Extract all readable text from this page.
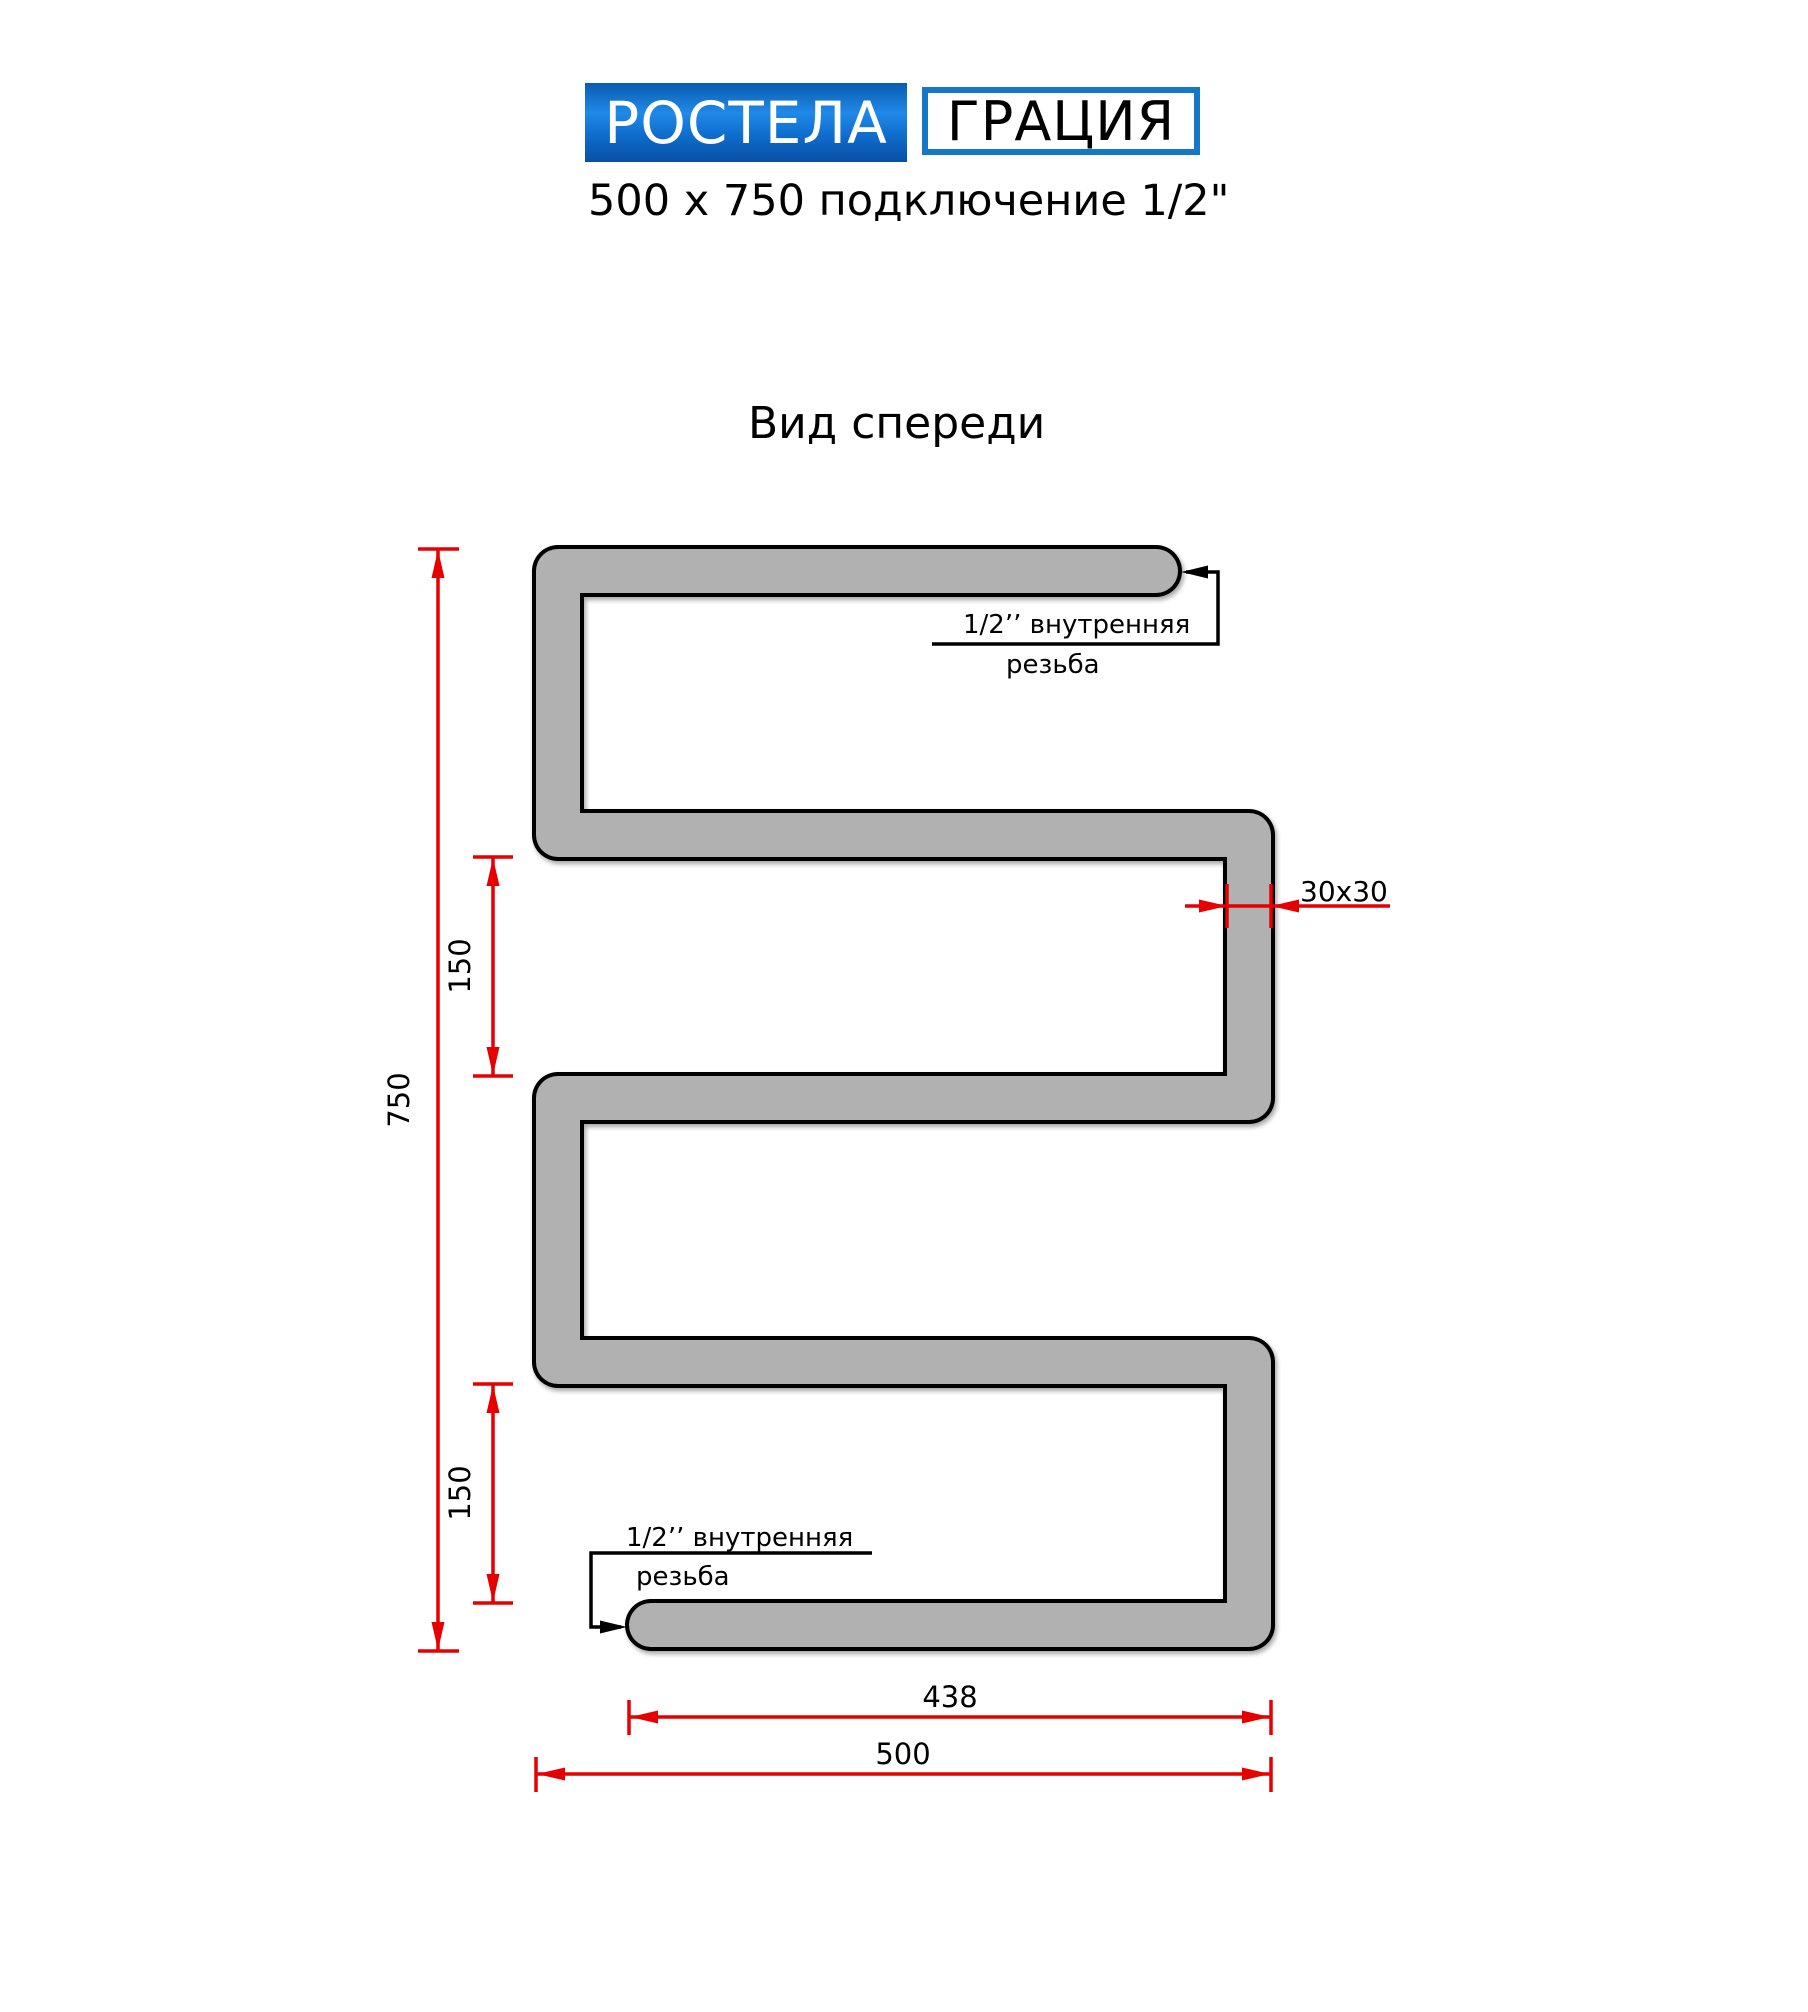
РОСТЕЛА ГРАЦИЯ
500 x 750 подключение 1/2"
Вид спереди
750
150
150
30x30
438
500
1/2’’ внутренняя
резьба
1/2’’ внутренняя
резьба
